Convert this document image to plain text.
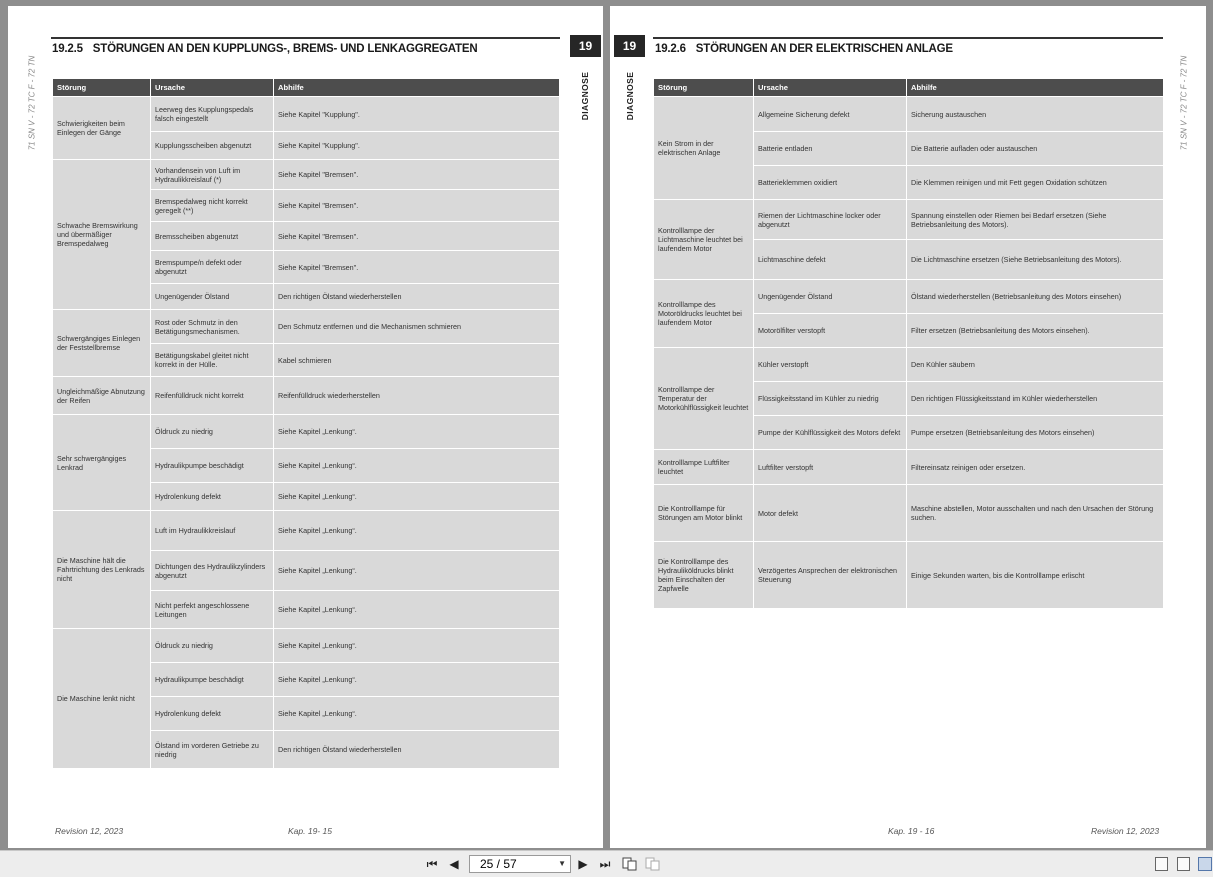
71 SN V - 72 TC F - 72 TN
19.2.5 STÖRUNGEN AN DEN KUPPLUNGS-, BREMS- UND LENKAGGREGATEN	19
DIAGNOSE
Störung	Ursache	Abhilfe
Schwierigkeiten beim Einlegen der Gänge	Leerweg des Kupplungspedals falsch eingestellt	Siehe Kapitel "Kupplung".
	Kupplungsscheiben abgenutzt	Siehe Kapitel "Kupplung".
Schwache Bremswirkung und übermäßiger Bremspedalweg	Vorhandensein von Luft im Hydraulikkreislauf (*)	Siehe Kapitel "Bremsen".
	Bremspedalweg nicht korrekt geregelt (**)	Siehe Kapitel "Bremsen".
	Bremsscheiben abgenutzt	Siehe Kapitel "Bremsen".
	Bremspumpe/n defekt oder abgenutzt	Siehe Kapitel "Bremsen".
	Ungenügender Ölstand	Den richtigen Ölstand wiederherstellen
Schwergängiges Einlegen der Feststellbremse	Rost oder Schmutz in den Betätigungsmechanismen.	Den Schmutz entfernen und die Mechanismen schmieren
	Betätigungskabel gleitet nicht korrekt in der Hülle.	Kabel schmieren
Ungleichmäßige Abnutzung der Reifen	Reifenfülldruck nicht korrekt	Reifenfülldruck wiederherstellen
Sehr schwergängiges Lenkrad	Öldruck zu niedrig	Siehe Kapitel „Lenkung“.
	Hydraulikpumpe beschädigt	Siehe Kapitel „Lenkung“.
	Hydrolenkung defekt	Siehe Kapitel „Lenkung“.
Die Maschine hält die Fahrtrichtung des Lenkrads nicht	Luft im Hydraulikkreislauf	Siehe Kapitel „Lenkung“.
	Dichtungen des Hydraulikzylinders abgenutzt	Siehe Kapitel „Lenkung“.
	Nicht perfekt angeschlossene Leitungen	Siehe Kapitel „Lenkung“.
Die Maschine lenkt nicht	Öldruck zu niedrig	Siehe Kapitel „Lenkung“.
	Hydraulikpumpe beschädigt	Siehe Kapitel „Lenkung“.
	Hydrolenkung defekt	Siehe Kapitel „Lenkung“.
	Ölstand im vorderen Getriebe zu niedrig	Den richtigen Ölstand wiederherstellen
Revision 12, 2023	Kap. 19- 15
19
DIAGNOSE
19.2.6 STÖRUNGEN AN DER ELEKTRISCHEN ANLAGE
71 SN V - 72 TC F - 72 TN
Störung	Ursache	Abhilfe
Kein Strom in der elektrischen Anlage	Allgemeine Sicherung defekt	Sicherung austauschen
	Batterie entladen	Die Batterie aufladen oder austauschen
	Batterieklemmen oxidiert	Die Klemmen reinigen und mit Fett gegen Oxidation schützen
Kontrolllampe der Lichtmaschine leuchtet bei laufendem Motor	Riemen der Lichtmaschine locker oder abgenutzt	Spannung einstellen oder Riemen bei Bedarf ersetzen (Siehe Betriebsanleitung des Motors).
	Lichtmaschine defekt	Die Lichtmaschine ersetzen (Siehe Betriebsanleitung des Motors).
Kontrolllampe des Motoröldrucks leuchtet bei laufendem Motor	Ungenügender Ölstand	Ölstand wiederherstellen (Betriebsanleitung des Motors einsehen)
	Motorölfilter verstopft	Filter ersetzen (Betriebsanleitung des Motors einsehen).
Kontrolllampe der Temperatur der Motorkühlflüssigkeit leuchtet	Kühler verstopft	Den Kühler säubern
	Flüssigkeitsstand im Kühler zu niedrig	Den richtigen Flüssigkeitsstand im Kühler wiederherstellen
	Pumpe der Kühlflüssigkeit des Motors defekt	Pumpe ersetzen (Betriebsanleitung des Motors einsehen)
Kontrolllampe Luftfilter leuchtet	Luftfilter verstopft	Filtereinsatz reinigen oder ersetzen.
Die Kontrolllampe für Störungen am Motor blinkt	Motor defekt	Maschine abstellen, Motor ausschalten und nach den Ursachen der Störung suchen.
Die Kontrolllampe des Hydrauliköldrucks blinkt beim Einschalten der Zapfwelle	Verzögertes Ansprechen der elektronischen Steuerung	Einige Sekunden warten, bis die Kontrolllampe erlischt
Kap. 19 - 16	Revision 12, 2023
⏮ ◀ 25 / 57	▼ ▶ ⏭
